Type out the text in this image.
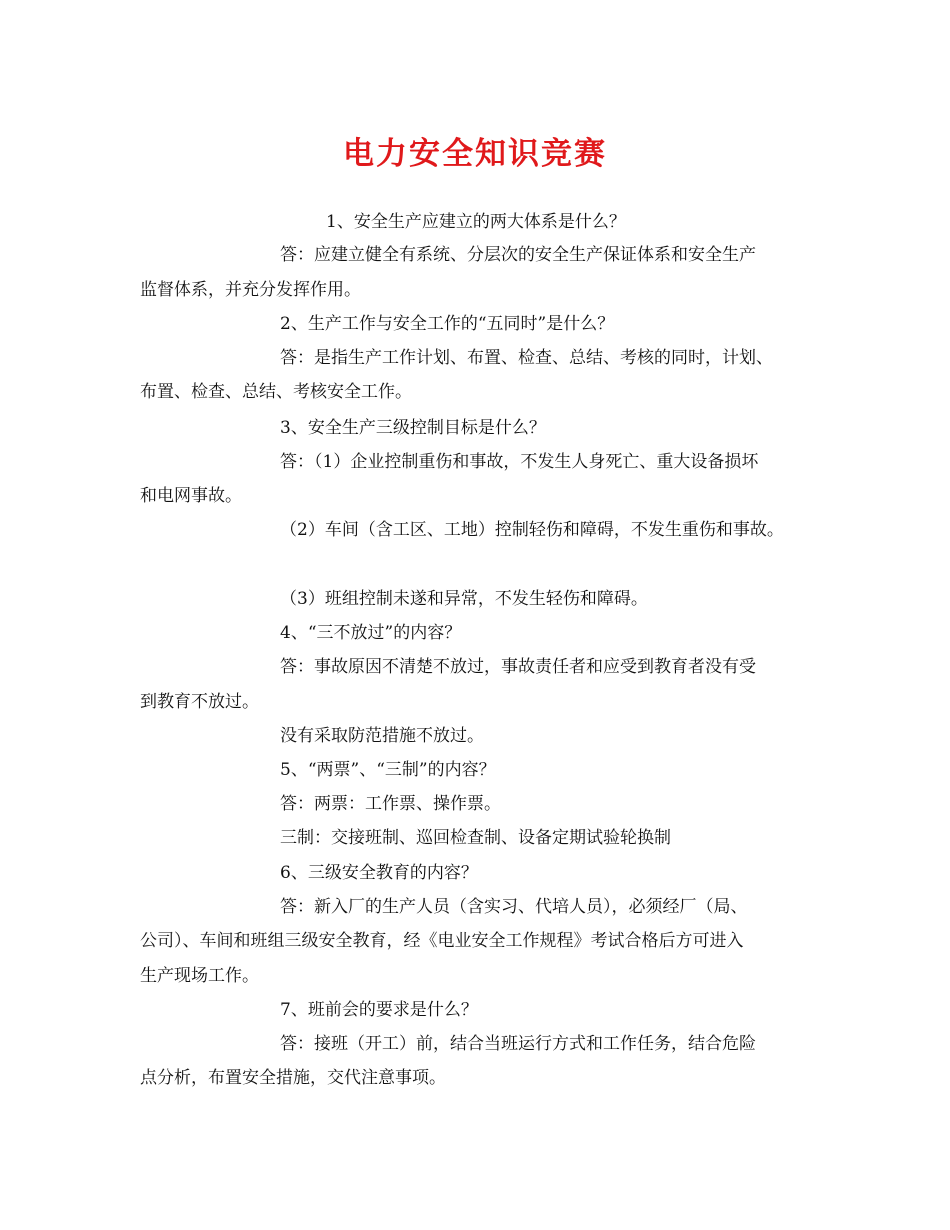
电力安全知识竞赛
1、安全生产应建立的两大体系是什么？
答：应建立健全有系统、分层次的安全生产保证体系和安全生产
监督体系，并充分发挥作用。
2、生产工作与安全工作的“五同时”是什么？
答：是指生产工作计划、布置、检查、总结、考核的同时，计划、
布置、检查、总结、考核安全工作。
3、安全生产三级控制目标是什么？
答：（1）企业控制重伤和事故，不发生人身死亡、重大设备损坏
和电网事故。
（2）车间（含工区、工地）控制轻伤和障碍，不发生重伤和事故。
（3）班组控制未遂和异常，不发生轻伤和障碍。
4、“三不放过”的内容？
答：事故原因不清楚不放过，事故责任者和应受到教育者没有受
到教育不放过。
没有采取防范措施不放过。
5、“两票”、“三制”的内容？
答：两票：工作票、操作票。
三制：交接班制、巡回检查制、设备定期试验轮换制
6、三级安全教育的内容？
答：新入厂的生产人员（含实习、代培人员），必须经厂（局、
公司）、车间和班组三级安全教育，经《电业安全工作规程》考试合格后方可进入
生产现场工作。
7、班前会的要求是什么？
答：接班（开工）前，结合当班运行方式和工作任务，结合危险
点分析，布置安全措施，交代注意事项。
